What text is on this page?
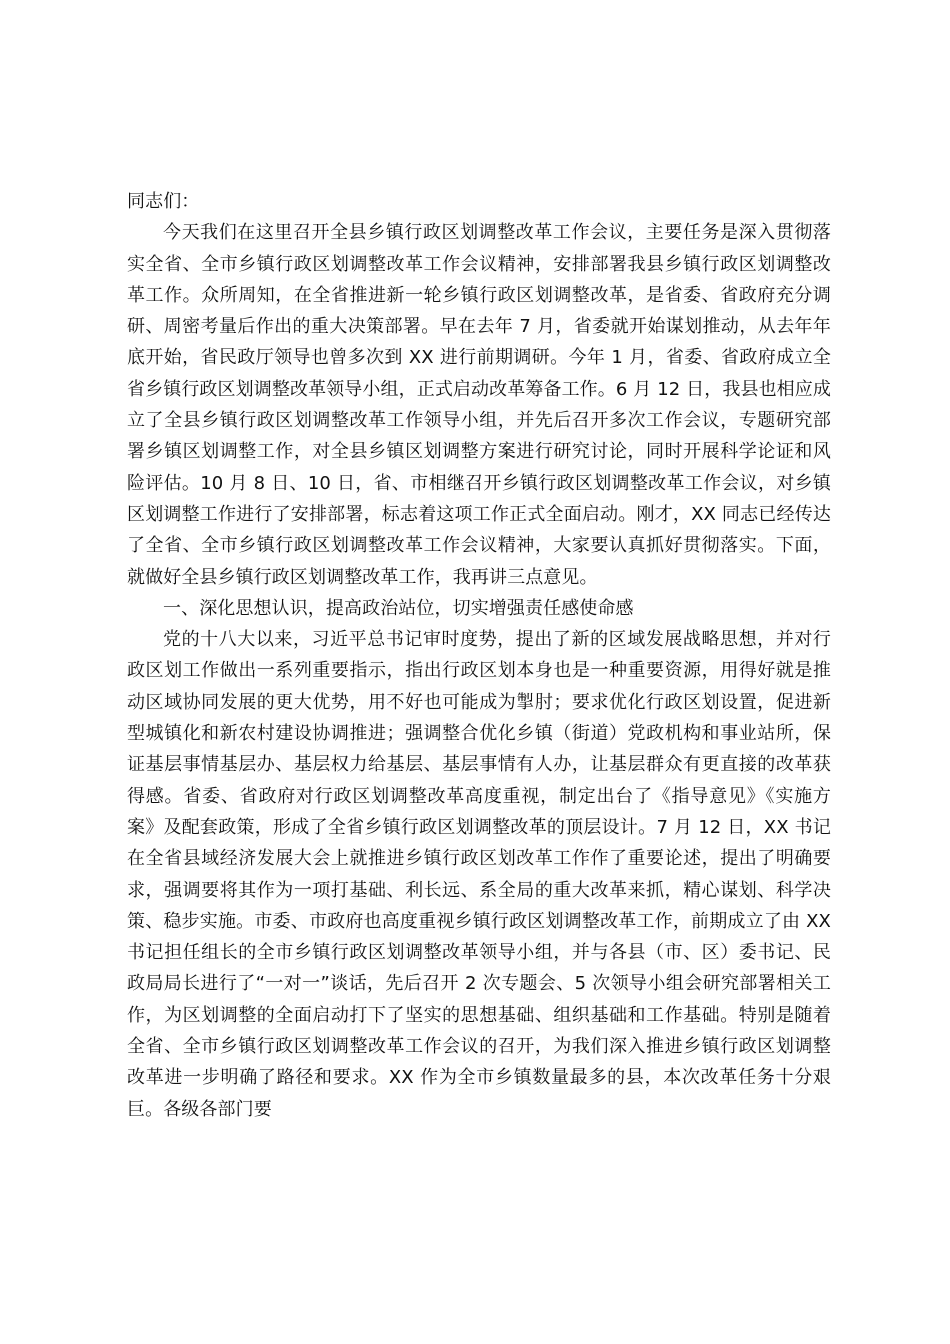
同志们：

今天我们在这里召开全县乡镇行政区划调整改革工作会议，主要任务是深入贯彻落实全省、全市乡镇行政区划调整改革工作会议精神，安排部署我县乡镇行政区划调整改革工作。众所周知，在全省推进新一轮乡镇行政区划调整改革，是省委、省政府充分调研、周密考量后作出的重大决策部署。早在去年 7 月，省委就开始谋划推动，从去年年底开始，省民政厅领导也曾多次到 XX 进行前期调研。今年 1 月，省委、省政府成立全省乡镇行政区划调整改革领导小组，正式启动改革筹备工作。6 月 12 日，我县也相应成立了全县乡镇行政区划调整改革工作领导小组，并先后召开多次工作会议，专题研究部署乡镇区划调整工作，对全县乡镇区划调整方案进行研究讨论，同时开展科学论证和风险评估。10 月 8 日、10 日，省、市相继召开乡镇行政区划调整改革工作会议，对乡镇区划调整工作进行了安排部署，标志着这项工作正式全面启动。刚才，XX 同志已经传达了全省、全市乡镇行政区划调整改革工作会议精神，大家要认真抓好贯彻落实。下面，就做好全县乡镇行政区划调整改革工作，我再讲三点意见。

一、深化思想认识，提高政治站位，切实增强责任感使命感

党的十八大以来，习近平总书记审时度势，提出了新的区域发展战略思想，并对行政区划工作做出一系列重要指示，指出行政区划本身也是一种重要资源，用得好就是推动区域协同发展的更大优势，用不好也可能成为掣肘；要求优化行政区划设置，促进新型城镇化和新农村建设协调推进；强调整合优化乡镇（街道）党政机构和事业站所，保证基层事情基层办、基层权力给基层、基层事情有人办，让基层群众有更直接的改革获得感。省委、省政府对行政区划调整改革高度重视，制定出台了《指导意见》《实施方案》及配套政策，形成了全省乡镇行政区划调整改革的顶层设计。7 月 12 日，XX 书记在全省县域经济发展大会上就推进乡镇行政区划改革工作作了重要论述，提出了明确要求，强调要将其作为一项打基础、利长远、系全局的重大改革来抓，精心谋划、科学决策、稳步实施。市委、市政府也高度重视乡镇行政区划调整改革工作，前期成立了由 XX 书记担任组长的全市乡镇行政区划调整改革领导小组，并与各县（市、区）委书记、民政局局长进行了“一对一”谈话，先后召开 2 次专题会、5 次领导小组会研究部署相关工作，为区划调整的全面启动打下了坚实的思想基础、组织基础和工作基础。特别是随着全省、全市乡镇行政区划调整改革工作会议的召开，为我们深入推进乡镇行政区划调整改革进一步明确了路径和要求。XX 作为全市乡镇数量最多的县，本次改革任务十分艰巨。各级各部门要
